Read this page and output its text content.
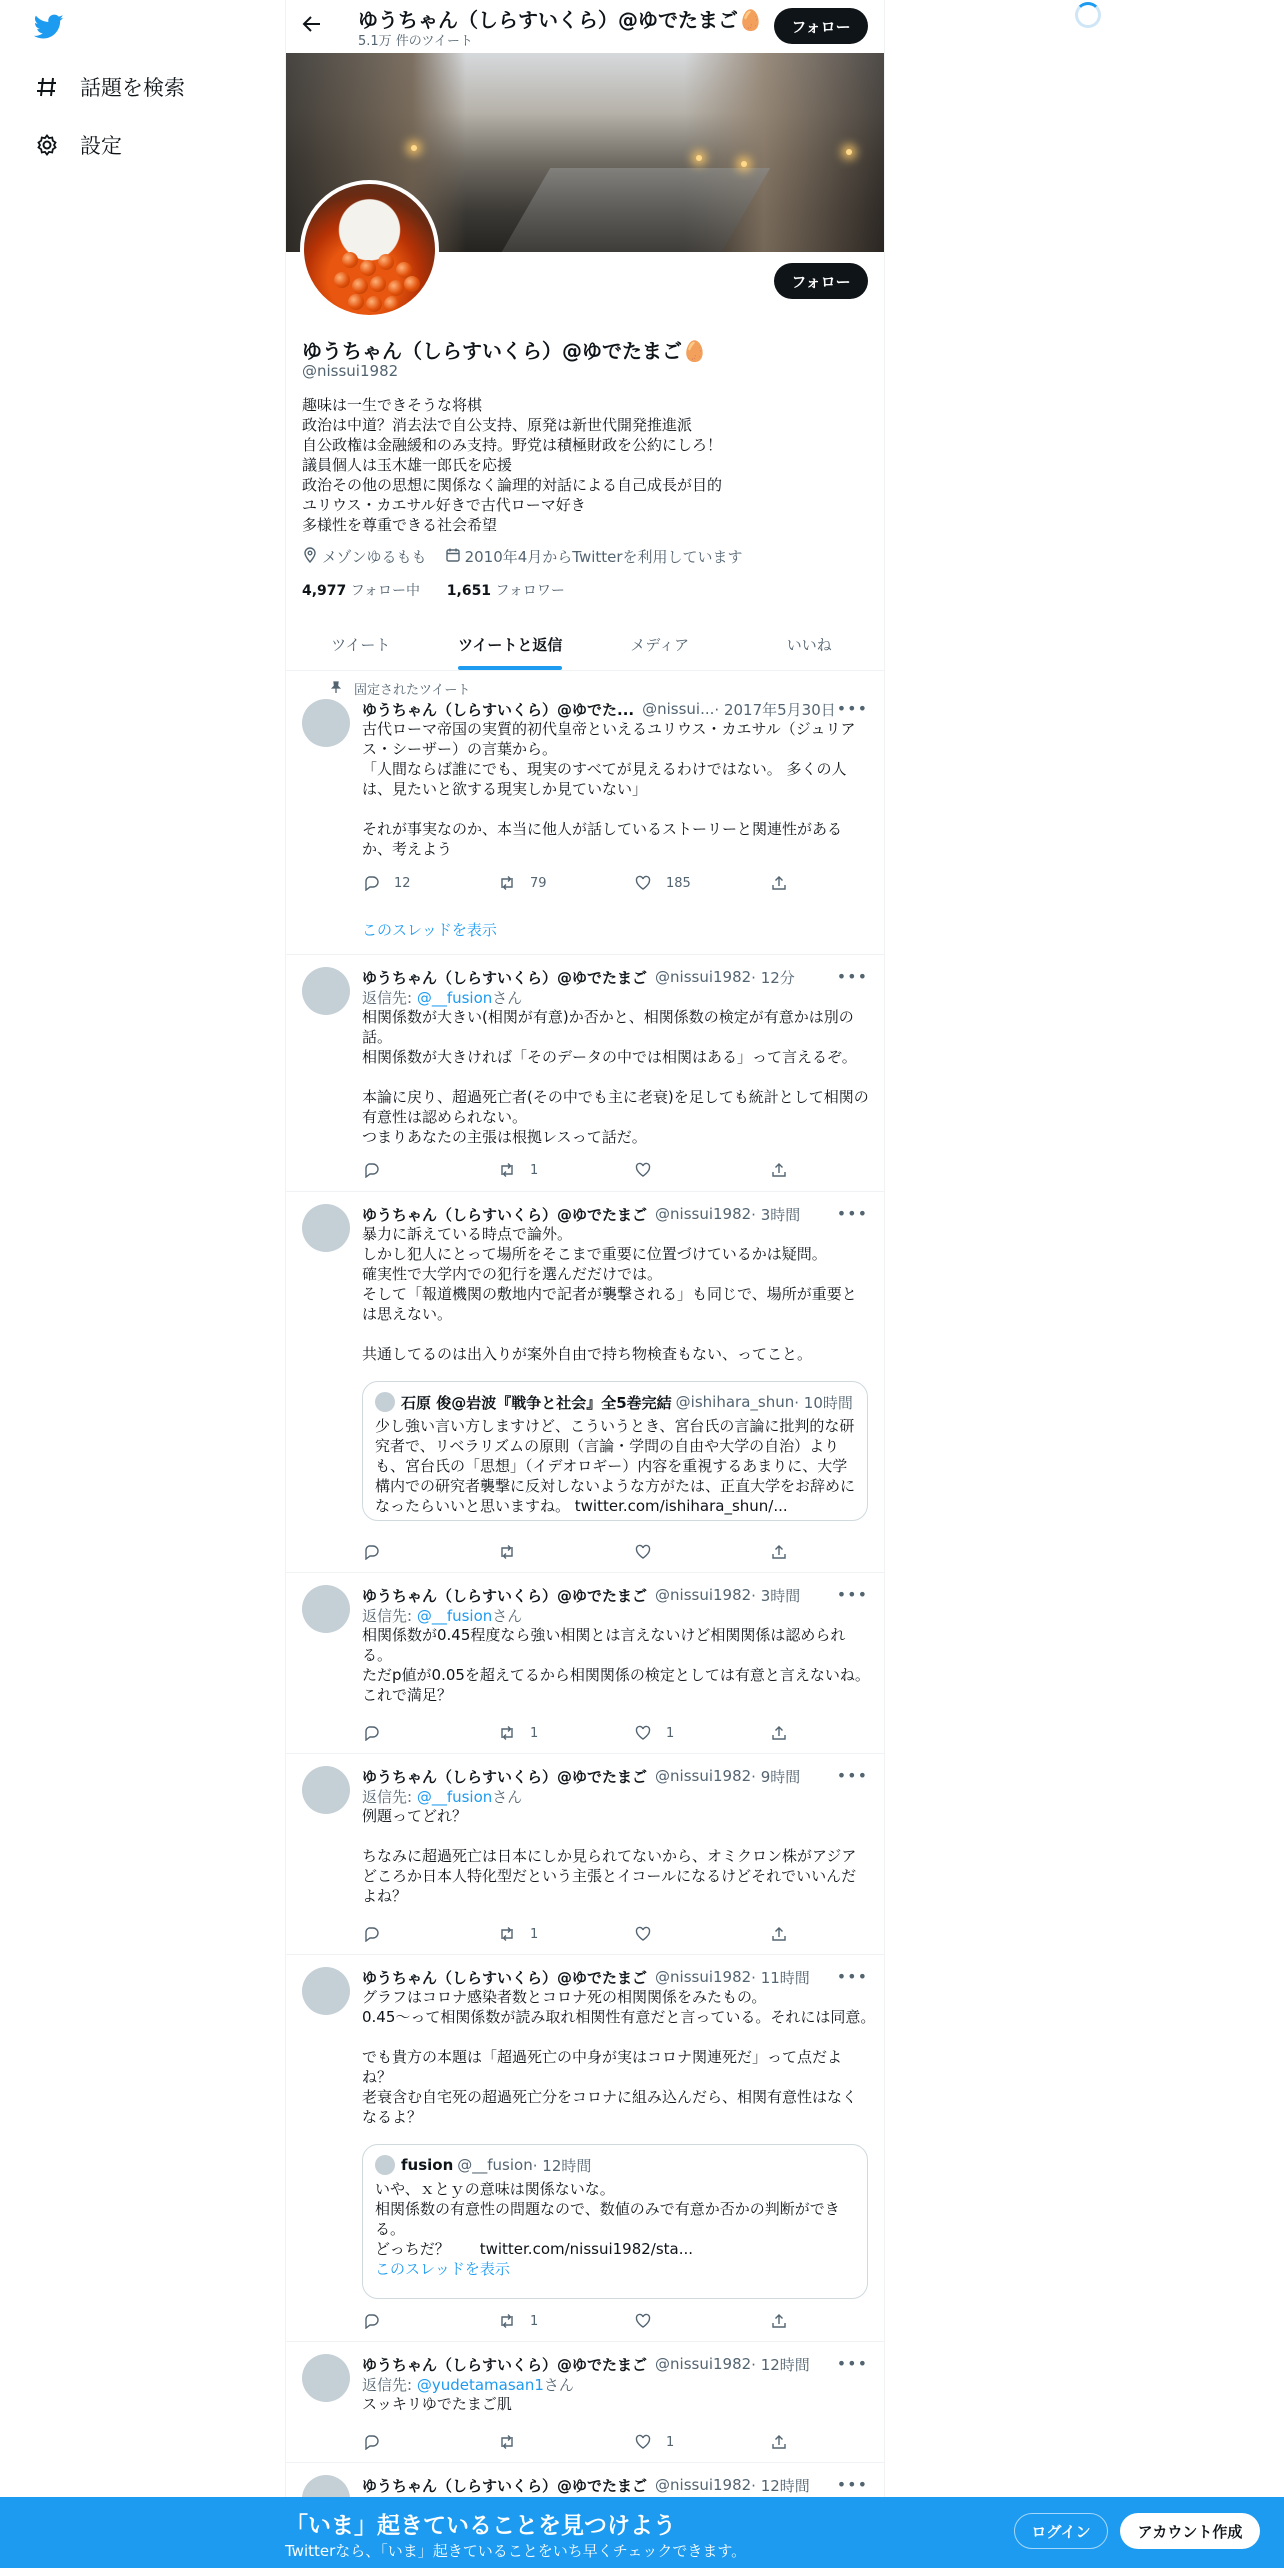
話題を検索
設定
ゆうちゃん（しらすいくら）@ゆでたまご🥚
5.1万 件のツイート
フォロー
フォロー
ゆうちゃん（しらすいくら）@ゆでたまご🥚
@nissui1982
趣味は一生できそうな将棋
政治は中道？消去法で自公支持、原発は新世代開発推進派
自公政権は金融緩和のみ支持。野党は積極財政を公約にしろ！
議員個人は玉木雄一郎氏を応援
政治その他の思想に関係なく論理的対話による自己成長が目的
ユリウス・カエサル好きで古代ローマ好き
多様性を尊重できる社会希望
メゾンゆるもも	2010年4月からTwitterを利用しています
4,977 フォロー中 1,651 フォロワー
ツイート	ツイートと返信	メディア	いいね
固定されたツイート
•••
ゆうちゃん（しらすいくら）@ゆでた... @nissui... · 2017年5月30日
古代ローマ帝国の実質的初代皇帝といえるユリウス・カエサル（ジュリア
ス・シーザー）の言葉から。
「人間ならば誰にでも、現実のすべてが見えるわけではない。 多くの人
は、見たいと欲する現実しか見ていない」
それが事実なのか、本当に他人が話しているストーリーと関連性がある
か、考えよう
12	79	185
このスレッドを表示
•••
ゆうちゃん（しらすいくら）@ゆでたまご @nissui1982 · 12分
返信先: @__fusionさん
相関係数が大きい(相関が有意)か否かと、相関係数の検定が有意かは別の
話。
相関係数が大きければ「そのデータの中では相関はある」って言えるぞ。
本論に戻り、超過死亡者(その中でも主に老衰)を足しても統計として相関の
有意性は認められない。
つまりあなたの主張は根拠レスって話だ。
1
•••
ゆうちゃん（しらすいくら）@ゆでたまご @nissui1982 · 3時間
暴力に訴えている時点で論外。
しかし犯人にとって場所をそこまで重要に位置づけているかは疑問。
確実性で大学内での犯行を選んだだけでは。
そして「報道機関の敷地内で記者が襲撃される」も同じで、場所が重要と
は思えない。
共通してるのは出入りが案外自由で持ち物検査もない、ってこと。
石原 俊@岩波『戦争と社会』全5巻完結 @ishihara_shun · 10時間
少し強い言い方しますけど、こういうとき、宮台氏の言論に批判的な研
究者で、リベラリズムの原則（言論・学問の自由や大学の自治）より
も、宮台氏の「思想」（イデオロギー）内容を重視するあまりに、大学
構内での研究者襲撃に反対しないような方がたは、正直大学をお辞めに
なったらいいと思いますね。 twitter.com/ishihara_shun/...
•••
ゆうちゃん（しらすいくら）@ゆでたまご @nissui1982 · 3時間
返信先: @__fusionさん
相関係数が0.45程度なら強い相関とは言えないけど相関関係は認められ
る。
ただp値が0.05を超えてるから相関関係の検定としては有意と言えないね。
これで満足？
1	1
•••
ゆうちゃん（しらすいくら）@ゆでたまご @nissui1982 · 9時間
返信先: @__fusionさん
例題ってどれ？
ちなみに超過死亡は日本にしか見られてないから、オミクロン株がアジア
どころか日本人特化型だという主張とイコールになるけどそれでいいんだ
よね？
1
•••
ゆうちゃん（しらすいくら）@ゆでたまご @nissui1982 · 11時間
グラフはコロナ感染者数とコロナ死の相関関係をみたもの。
0.45〜って相関係数が読み取れ相関性有意だと言っている。それには同意。
でも貴方の本題は「超過死亡の中身が実はコロナ関連死だ」って点だよ
ね？
老衰含む自宅死の超過死亡分をコロナに組み込んだら、相関有意性はなく
なるよ？
fusion @__fusion · 12時間
いや、ｘとｙの意味は関係ないな。
相関係数の有意性の問題なので、数値のみで有意か否かの判断ができ
る。
どっちだ？　　twitter.com/nissui1982/sta...
このスレッドを表示
1
•••
ゆうちゃん（しらすいくら）@ゆでたまご @nissui1982 · 12時間
返信先: @yudetamasan1さん
スッキリゆでたまご肌
1
•••
ゆうちゃん（しらすいくら）@ゆでたまご @nissui1982 · 12時間
「いま」起きていることを見つけよう
Twitterなら、「いま」起きていることをいち早くチェックできます。
ログイン	アカウント作成
